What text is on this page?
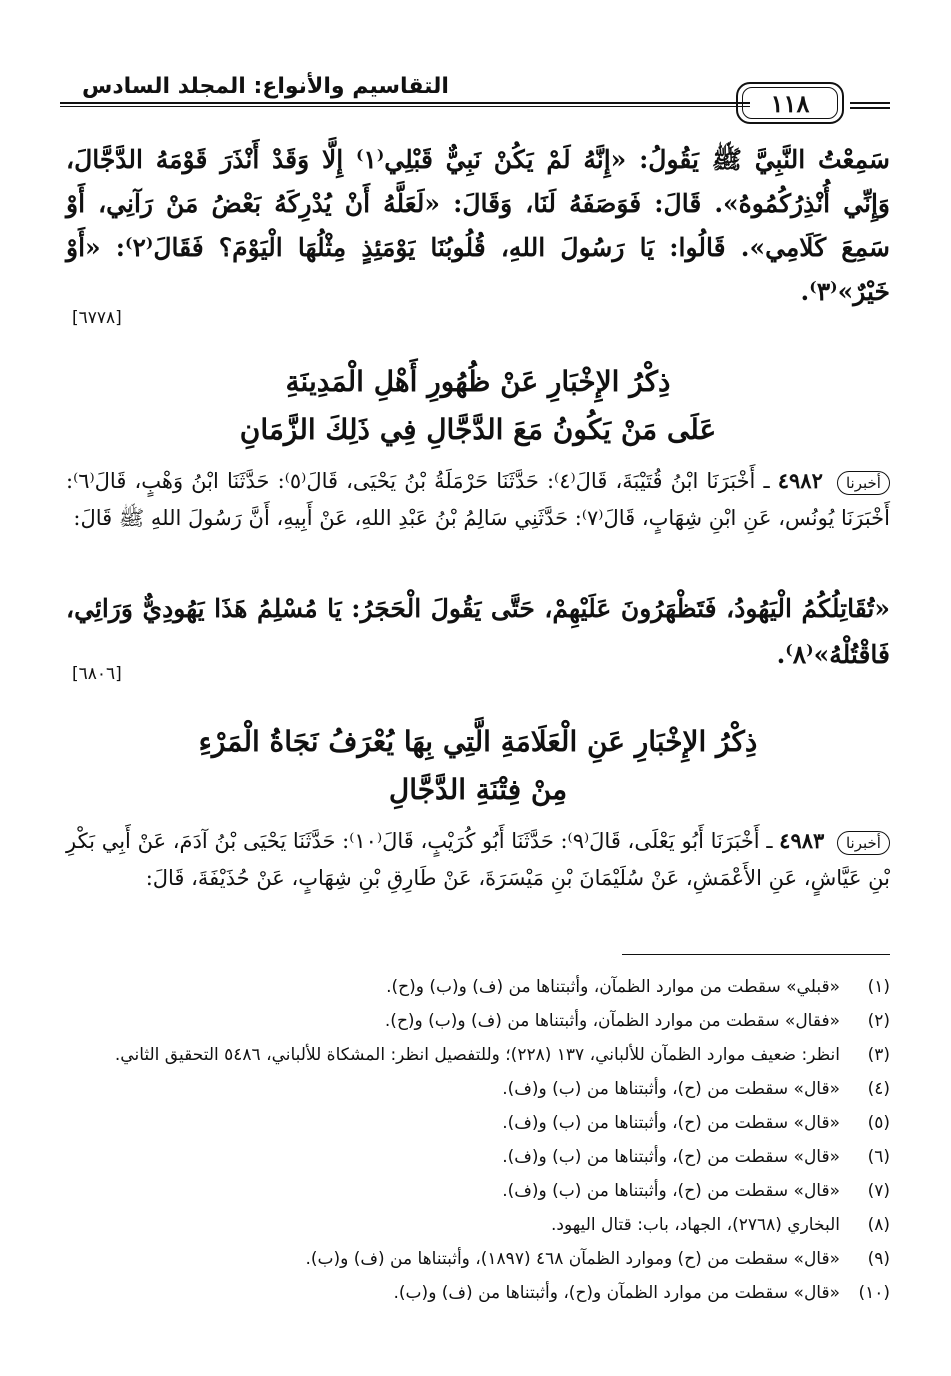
التقاسيم والأنواع: المجلد السادس
١١٨
سَمِعْتُ النَّبِيَّ ﷺ يَقُولُ: «إِنَّهُ لَمْ يَكُنْ نَبِيٌّ قَبْلِي⁽١⁾ إِلَّا وَقَدْ أَنْذَرَ قَوْمَهُ الدَّجَّالَ، وَإِنِّي أُنْذِرُكُمُوهُ». قَالَ: فَوَصَفَهُ لَنَا، وَقَالَ: «لَعَلَّهُ أَنْ يُدْرِكَهُ بَعْضُ مَنْ رَآنِي، أَوْ سَمِعَ كَلَامِي». قَالُوا: يَا رَسُولَ اللهِ، قُلُوبُنَا يَوْمَئِذٍ مِثْلُهَا الْيَوْمَ؟ فَقَالَ⁽٢⁾: «أَوْ خَيْرٌ»⁽٣⁾.
[٦٧٧٨]
ذِكْرُ الإِخْبَارِ عَنْ ظُهُورِ أَهْلِ الْمَدِينَةِ
عَلَى مَنْ يَكُونُ مَعَ الدَّجَّالِ فِي ذَلِكَ الزَّمَانِ
أخبرنا ٤٩٨٢ ـ أَخْبَرَنَا ابْنُ قُتَيْبَةَ، قَالَ⁽٤⁾: حَدَّثَنَا حَرْمَلَةُ بْنُ يَحْيَى، قَالَ⁽٥⁾: حَدَّثَنَا ابْنُ وَهْبٍ، قَالَ⁽٦⁾: أَخْبَرَنَا يُونُس، عَنِ ابْنِ شِهَابٍ، قَالَ⁽٧⁾: حَدَّثَنِي سَالِمُ بْنُ عَبْدِ اللهِ، عَنْ أَبِيهِ، أَنَّ رَسُولَ اللهِ ﷺ قَالَ:
«تُقَاتِلُكُمُ الْيَهُودُ، فَتَظْهَرُونَ عَلَيْهِمْ، حَتَّى يَقُولَ الْحَجَرُ: يَا مُسْلِمُ هَذَا يَهُودِيٌّ وَرَائِي، فَاقْتُلْهُ»⁽٨⁾.
[٦٨٠٦]
ذِكْرُ الإِخْبَارِ عَنِ الْعَلَامَةِ الَّتِي بِهَا يُعْرَفُ نَجَاةُ الْمَرْءِ
مِنْ فِتْنَةِ الدَّجَّالِ
أخبرنا ٤٩٨٣ ـ أَخْبَرَنَا أَبُو يَعْلَى، قَالَ⁽٩⁾: حَدَّثَنَا أَبُو كُرَيْبٍ، قَالَ⁽١٠⁾: حَدَّثَنَا يَحْيَى بْنُ آدَمَ، عَنْ أَبِي بَكْرِ بْنِ عَيَّاشٍ، عَنِ الأَعْمَشِ، عَنْ سُلَيْمَانَ بْنِ مَيْسَرَةَ، عَنْ طَارِقِ بْنِ شِهَابٍ، عَنْ حُذَيْفَةَ، قَالَ:
(١)
«قبلي» سقطت من موارد الظمآن، وأثبتناها من (ف) و(ب) و(ح).
(٢)
«فقال» سقطت من موارد الظمآن، وأثبتناها من (ف) و(ب) و(ح).
(٣)
انظر: ضعيف موارد الظمآن للألباني، ١٣٧ (٢٢٨)؛ وللتفصيل انظر: المشكاة للألباني، ٥٤٨٦ التحقيق الثاني.
(٤)
«قال» سقطت من (ح)، وأثبتناها من (ب) و(ف).
(٥)
«قال» سقطت من (ح)، وأثبتناها من (ب) و(ف).
(٦)
«قال» سقطت من (ح)، وأثبتناها من (ب) و(ف).
(٧)
«قال» سقطت من (ح)، وأثبتناها من (ب) و(ف).
(٨)
البخاري (٢٧٦٨)، الجهاد، باب: قتال اليهود.
(٩)
«قال» سقطت من (ح) وموارد الظمآن ٤٦٨ (١٨٩٧)، وأثبتناها من (ف) و(ب).
(١٠)
«قال» سقطت من موارد الظمآن و(ح)، وأثبتناها من (ف) و(ب).
